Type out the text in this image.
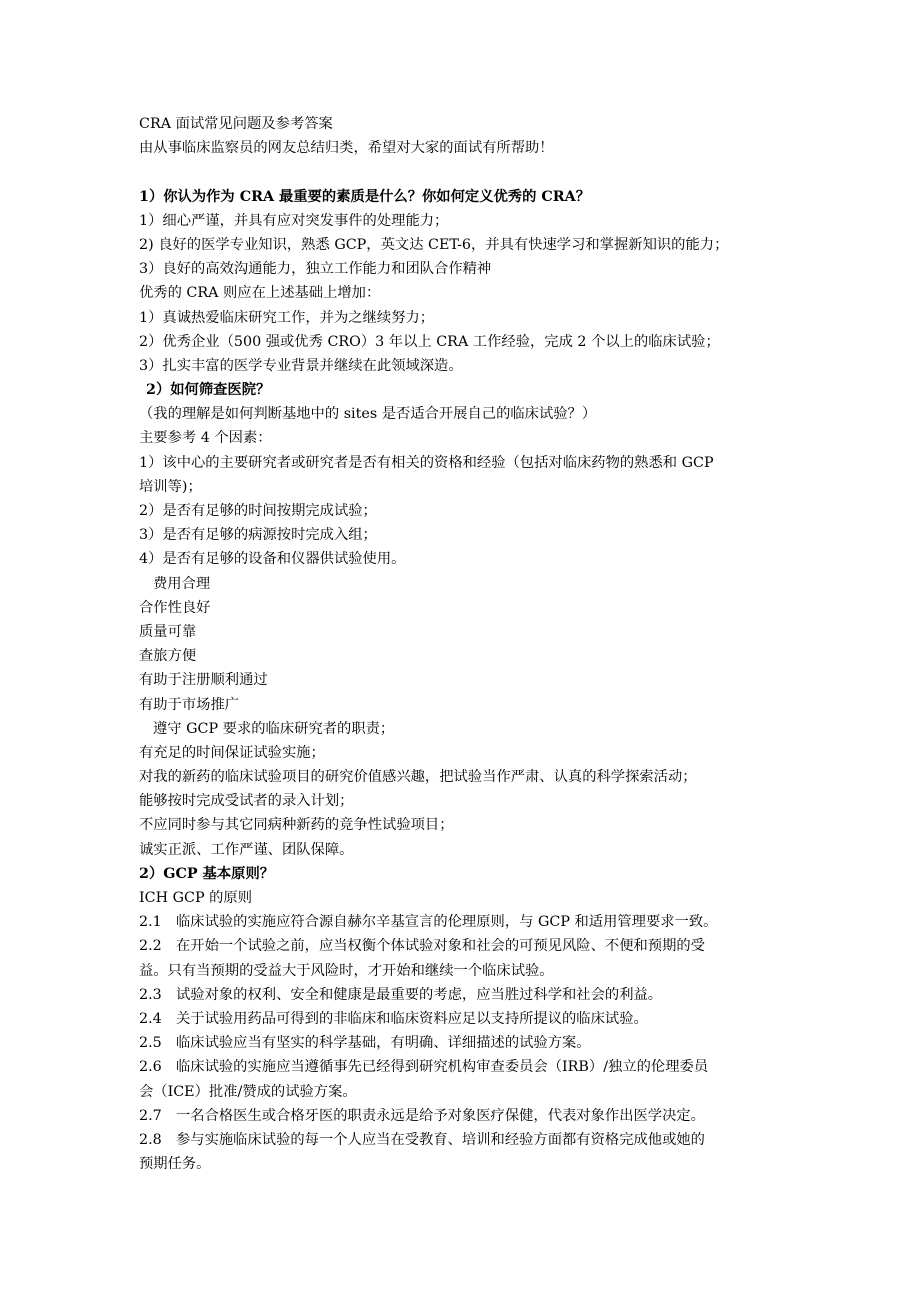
CRA 面试常见问题及参考答案
由从事临床监察员的网友总结归类，希望对大家的面试有所帮助！
1）你认为作为 CRA 最重要的素质是什么？你如何定义优秀的 CRA？
1）细心严谨，并具有应对突发事件的处理能力；
2) 良好的医学专业知识，熟悉 GCP，英文达 CET-6，并具有快速学习和掌握新知识的能力；
3）良好的高效沟通能力，独立工作能力和团队合作精神
优秀的 CRA 则应在上述基础上增加：
1）真诚热爱临床研究工作，并为之继续努力；
2）优秀企业（500 强或优秀 CRO）3 年以上 CRA 工作经验，完成 2 个以上的临床试验；
3）扎实丰富的医学专业背景并继续在此领域深造。
2）如何筛查医院？
（我的理解是如何判断基地中的 sites 是否适合开展自己的临床试验？）
主要参考 4 个因素：
1）该中心的主要研究者或研究者是否有相关的资格和经验（包括对临床药物的熟悉和 GCP
培训等)；
2）是否有足够的时间按期完成试验；
3）是否有足够的病源按时完成入组；
4）是否有足够的设备和仪器供试验使用。
费用合理
合作性良好
质量可靠
查旅方便
有助于注册顺利通过
有助于市场推广
遵守 GCP 要求的临床研究者的职责；
有充足的时间保证试验实施；
对我的新药的临床试验项目的研究价值感兴趣，把试验当作严肃、认真的科学探索活动；
能够按时完成受试者的录入计划；
不应同时参与其它同病种新药的竞争性试验项目；
诚实正派、工作严谨、团队保障。
2）GCP 基本原则？
ICH GCP 的原则
2.1 临床试验的实施应符合源自赫尔辛基宣言的伦理原则，与 GCP 和适用管理要求一致。
2.2 在开始一个试验之前，应当权衡个体试验对象和社会的可预见风险、不便和预期的受
益。只有当预期的受益大于风险时，才开始和继续一个临床试验。
2.3 试验对象的权利、安全和健康是最重要的考虑，应当胜过科学和社会的利益。
2.4 关于试验用药品可得到的非临床和临床资料应足以支持所提议的临床试验。
2.5 临床试验应当有坚实的科学基础，有明确、详细描述的试验方案。
2.6 临床试验的实施应当遵循事先已经得到研究机构审查委员会（IRB）/独立的伦理委员
会（ICE）批准/赞成的试验方案。
2.7 一名合格医生或合格牙医的职责永远是给予对象医疗保健，代表对象作出医学决定。
2.8 参与实施临床试验的每一个人应当在受教育、培训和经验方面都有资格完成他或她的
预期任务。
